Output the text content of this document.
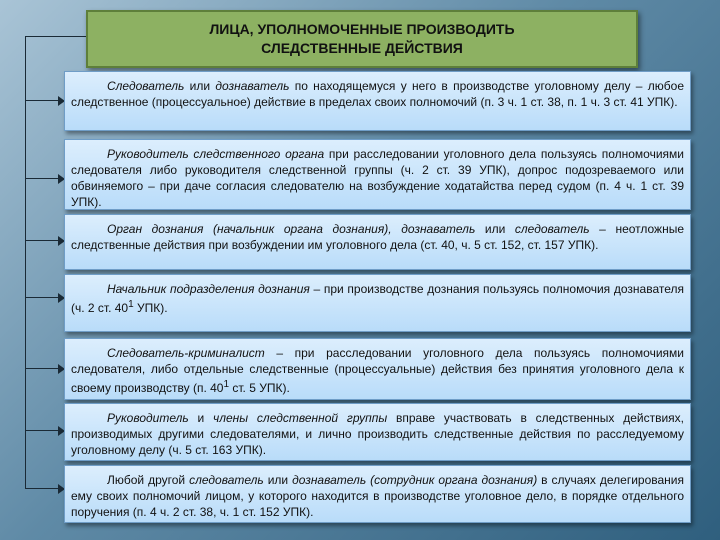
ЛИЦА, УПОЛНОМОЧЕННЫЕ ПРОИЗВОДИТЬ
СЛЕДСТВЕННЫЕ ДЕЙСТВИЯ

Следователь или дознаватель по находящемуся у него в производстве уголовному делу – любое следственное (процессуальное) действие в пределах своих полномочий (п. 3 ч. 1 ст. 38, п. 1 ч. 3 ст. 41 УПК).

Руководитель следственного органа при расследовании уголовного дела пользуясь полномочиями следователя либо руководителя следственной группы (ч. 2 ст. 39 УПК), допрос подозреваемого или обвиняемого – при даче согласия следователю на возбуждение ходатайства перед судом (п. 4 ч. 1 ст. 39 УПК).

Орган дознания (начальник органа дознания), дознаватель или следователь – неотложные следственные действия при возбуждении им уголовного дела (ст. 40, ч. 5 ст. 152, ст. 157 УПК).

Начальник подразделения дознания – при производстве дознания пользуясь полномочия дознавателя (ч. 2 ст. $40^1$ УПК).

Следователь-криминалист – при расследовании уголовного дела пользуясь полномочиями следователя, либо отдельные следственные (процессуальные) действия без принятия уголовного дела к своему производству (п. $40^1$ ст. 5 УПК).

Руководитель и члены следственной группы вправе участвовать в следственных действиях, производимых другими следователями, и лично производить следственные действия по расследуемому уголовному делу (ч. 5 ст. 163 УПК).

Любой другой следователь или дознаватель (сотрудник органа дознания) в случаях делегирования ему своих полномочий лицом, у которого находится в производстве уголовное дело, в порядке отдельного поручения (п. 4 ч. 2 ст. 38, ч. 1 ст. 152 УПК).
